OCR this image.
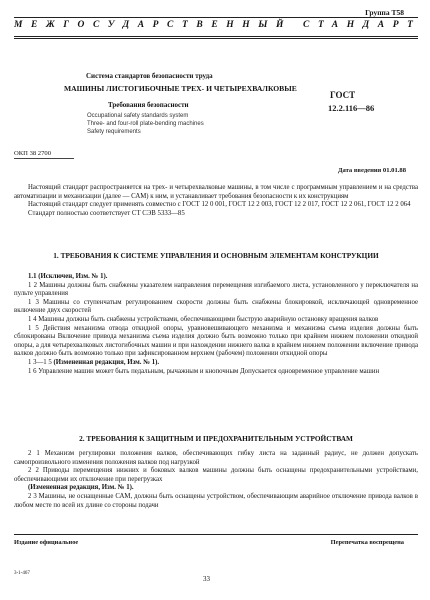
Группа Т58
МЕЖГОСУДАРСТВЕННЫЙ СТАНДАРТ
Система стандартов безопасности труда
МАШИНЫ ЛИСТОГИБОЧНЫЕ ТРЕХ- И ЧЕТЫРЕХВАЛКОВЫЕ
Требования безопасности
ГОСТ
12.2.116—86
Occupational safety standards system
Three- and four-roll plate-bending machines
Safety requirements
ОКП 38 2700
Дата введения 01.01.88

Настоящий стандарт распространяется на трех- и четырехвалковые машины, в том числе с программным управлением и на средства автоматизации и механизации (далее — САМ) к ним, и устанавливает требования безопасности к их конструкциям

Настоящий стандарт следует применять совместно с ГОСТ 12 0 001, ГОСТ 12 2 003, ГОСТ 12 2 017, ГОСТ 12 2 061, ГОСТ 12 2 064

Стандарт полностью соответствует СТ СЭВ 5333—85

1. ТРЕБОВАНИЯ К СИСТЕМЕ УПРАВЛЕНИЯ И ОСНОВНЫМ ЭЛЕМЕНТАМ КОНСТРУКЦИИ

1.1 (Исключен, Изм. № 1).

1 2 Машины должны быть снабжены указателем направления перемещения изгибаемого листа, установленного у переключателя на пульте управления

1 3 Машины со ступенчатым регулированием скорости должны быть снабжены блокировкой, исключающей одновременное включение двух скоростей

1 4 Машины должны быть снабжены устройствами, обеспечивающими быструю аварийную остановку вращения валков

1 5 Действия механизма отвода откидной опоры, уравновешивающего механизма и механизма съема изделия должны быть сблокированы Включение привода механизма съема изделия должно быть возможно только при крайнем нижнем положении откидной опоры, а для четырехвалковых листогибочных машин и при нахождении нижнего валка в крайнем нижнем положении включение привода валков должно быть возможно только при зафиксированном верхнем (рабочем) положении откидной опоры

1 3—1 5 (Измененная редакция, Изм. № 1).

1 6 Управление машин может быть педальным, рычажным и кнопочным Допускается одновременное управление машин

2. ТРЕБОВАНИЯ К ЗАЩИТНЫМ И ПРЕДОХРАНИТЕЛЬНЫМ УСТРОЙСТВАМ

2 1 Механизм регулировки положения валков, обеспечивающих гибку листа на заданный радиус, не должен допускать самопроизвольного изменения положения валков под нагрузкой

2 2 Приводы перемещения нижних и боковых валков машины должны быть оснащены предохранительными устройствами, обеспечивающими их отключение при перегрузках

(Измененная редакция, Изм. № 1).

2 3 Машины, не оснащенные САМ, должны быть оснащены устройством, обеспечивающим аварийное отключение привода валков в любом месте по всей их длине со стороны подачи

Издание официальное	Перепечатка воспрещена
3-1-467
33
